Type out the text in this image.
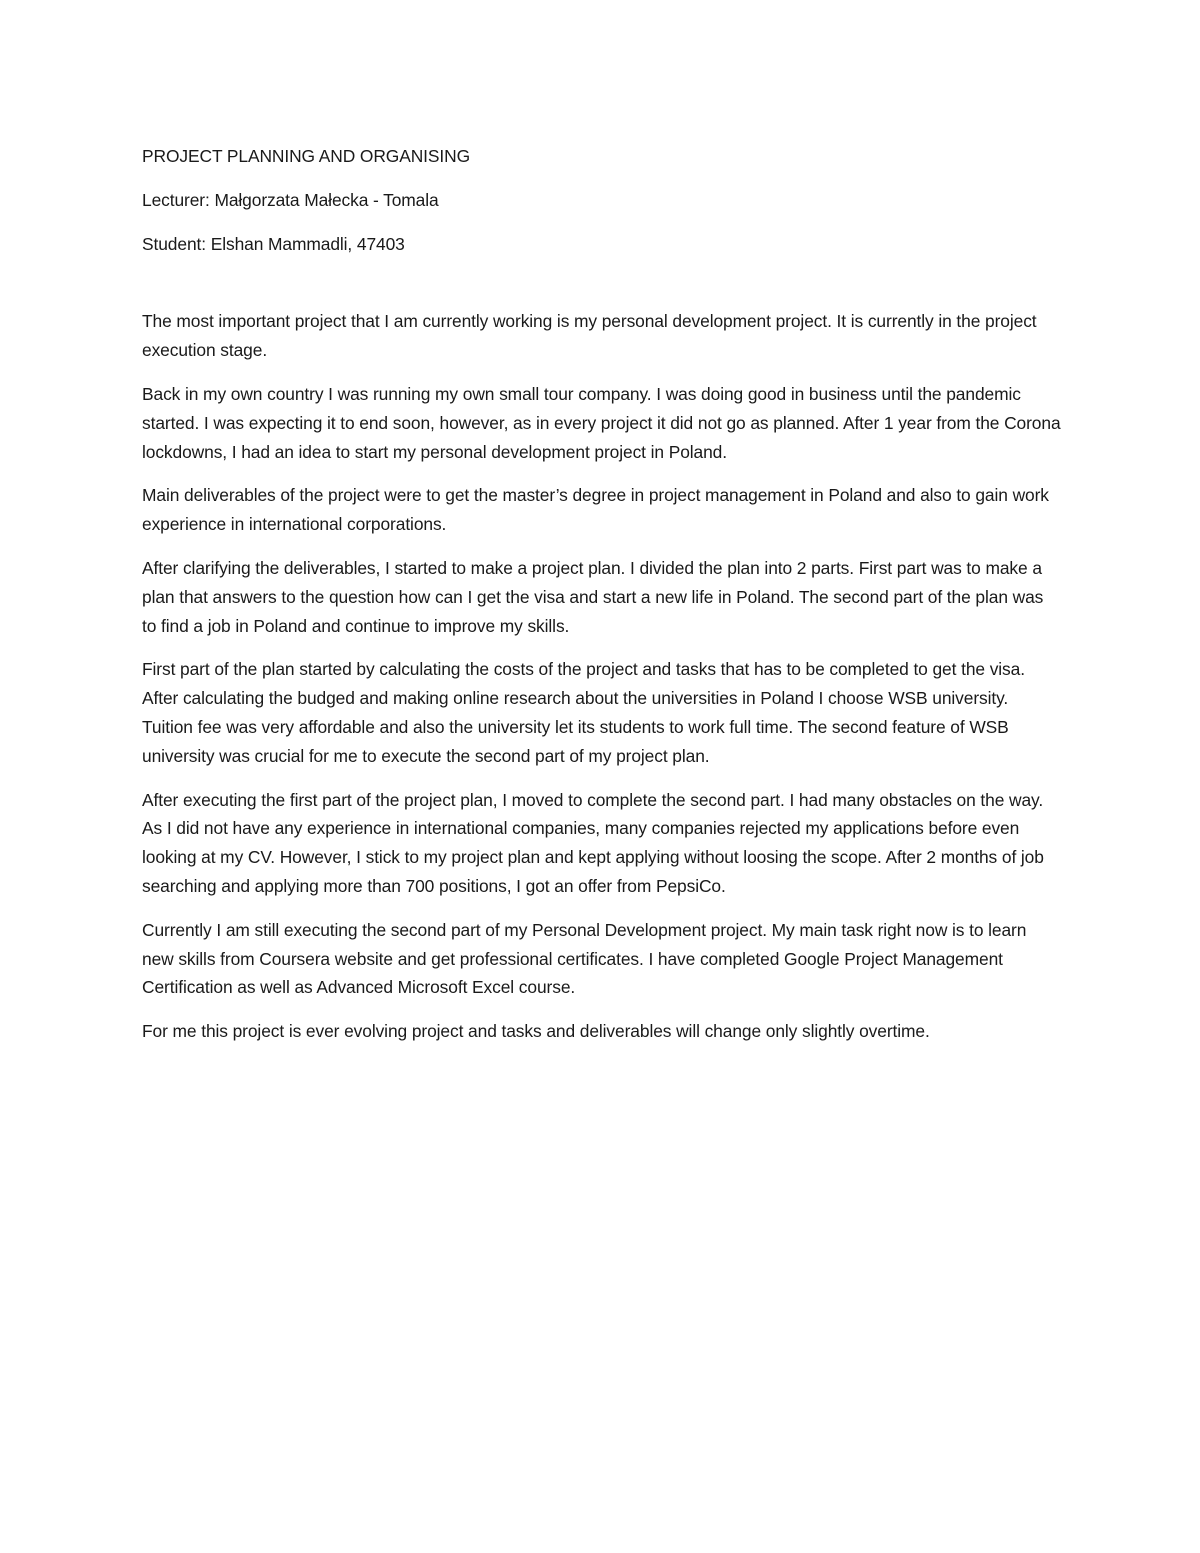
PROJECT PLANNING AND ORGANISING

Lecturer: Małgorzata Małecka - Tomala

Student: Elshan Mammadli, 47403

The most important project that I am currently working is my personal development project. It is currently in the project execution stage.

Back in my own country I was running my own small tour company. I was doing good in business until the pandemic started. I was expecting it to end soon, however, as in every project it did not go as planned. After 1 year from the Corona lockdowns, I had an idea to start my personal development project in Poland.

Main deliverables of the project were to get the master’s degree in project management in Poland and also to gain work experience in international corporations.

After clarifying the deliverables, I started to make a project plan. I divided the plan into 2 parts. First part was to make a plan that answers to the question how can I get the visa and start a new life in Poland. The second part of the plan was to find a job in Poland and continue to improve my skills.

First part of the plan started by calculating the costs of the project and tasks that has to be completed to get the visa. After calculating the budged and making online research about the universities in Poland I choose WSB university. Tuition fee was very affordable and also the university let its students to work full time. The second feature of WSB university was crucial for me to execute the second part of my project plan.

After executing the first part of the project plan, I moved to complete the second part. I had many obstacles on the way. As I did not have any experience in international companies, many companies rejected my applications before even looking at my CV. However, I stick to my project plan and kept applying without loosing the scope. After 2 months of job searching and applying more than 700 positions, I got an offer from PepsiCo.

Currently I am still executing the second part of my Personal Development project. My main task right now is to learn new skills from Coursera website and get professional certificates. I have completed Google Project Management Certification as well as Advanced Microsoft Excel course.

For me this project is ever evolving project and tasks and deliverables will change only slightly overtime.
